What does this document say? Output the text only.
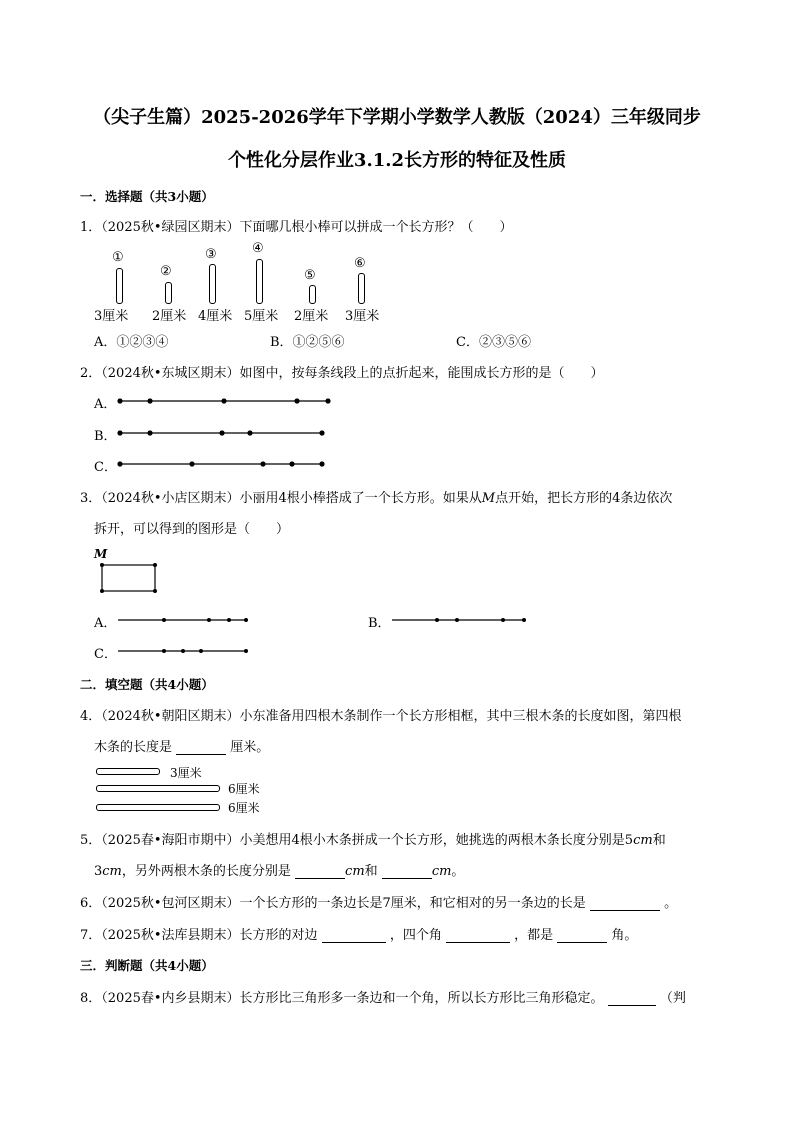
（尖子生篇）2025-2026学年下学期小学数学人教版（2024）三年级同步
个性化分层作业3.1.2长方形的特征及性质
一．选择题（共3小题）
1．（2025秋•绿园区期末）下面哪几根小棒可以拼成一个长方形？（　　）
①
3厘米
②
2厘米
③
4厘米
④
5厘米
⑤
2厘米
⑥
3厘米
A．①②③④	B．①②⑤⑥	C．②③⑤⑥
2．（2024秋•东城区期末）如图中，按每条线段上的点折起来，能围成长方形的是（　　）
A．
B．
C．
3．（2024秋•小店区期末）小丽用4根小棒搭成了一个长方形。如果从M点开始，把长方形的4条边依次
拆开，可以得到的图形是（　　）
M
A．	B．
C．
二．填空题（共4小题）
4．（2024秋•朝阳区期末）小东准备用四根木条制作一个长方形相框，其中三根木条的长度如图，第四根
木条的长度是	厘米。
3厘米
6厘米
6厘米
5．（2025春•海阳市期中）小美想用4根小木条拼成一个长方形，她挑选的两根木条长度分别是5cm和
3cm，另外两根木条的长度分别是	cm和	cm。
6．（2025秋•包河区期末）一个长方形的一条边长是7厘米，和它相对的另一条边的长是	。
7．（2025秋•法库县期末）长方形的对边	，四个角	，都是	角。
三．判断题（共4小题）
8．（2025春•内乡县期末）长方形比三角形多一条边和一个角，所以长方形比三角形稳定。	（判
